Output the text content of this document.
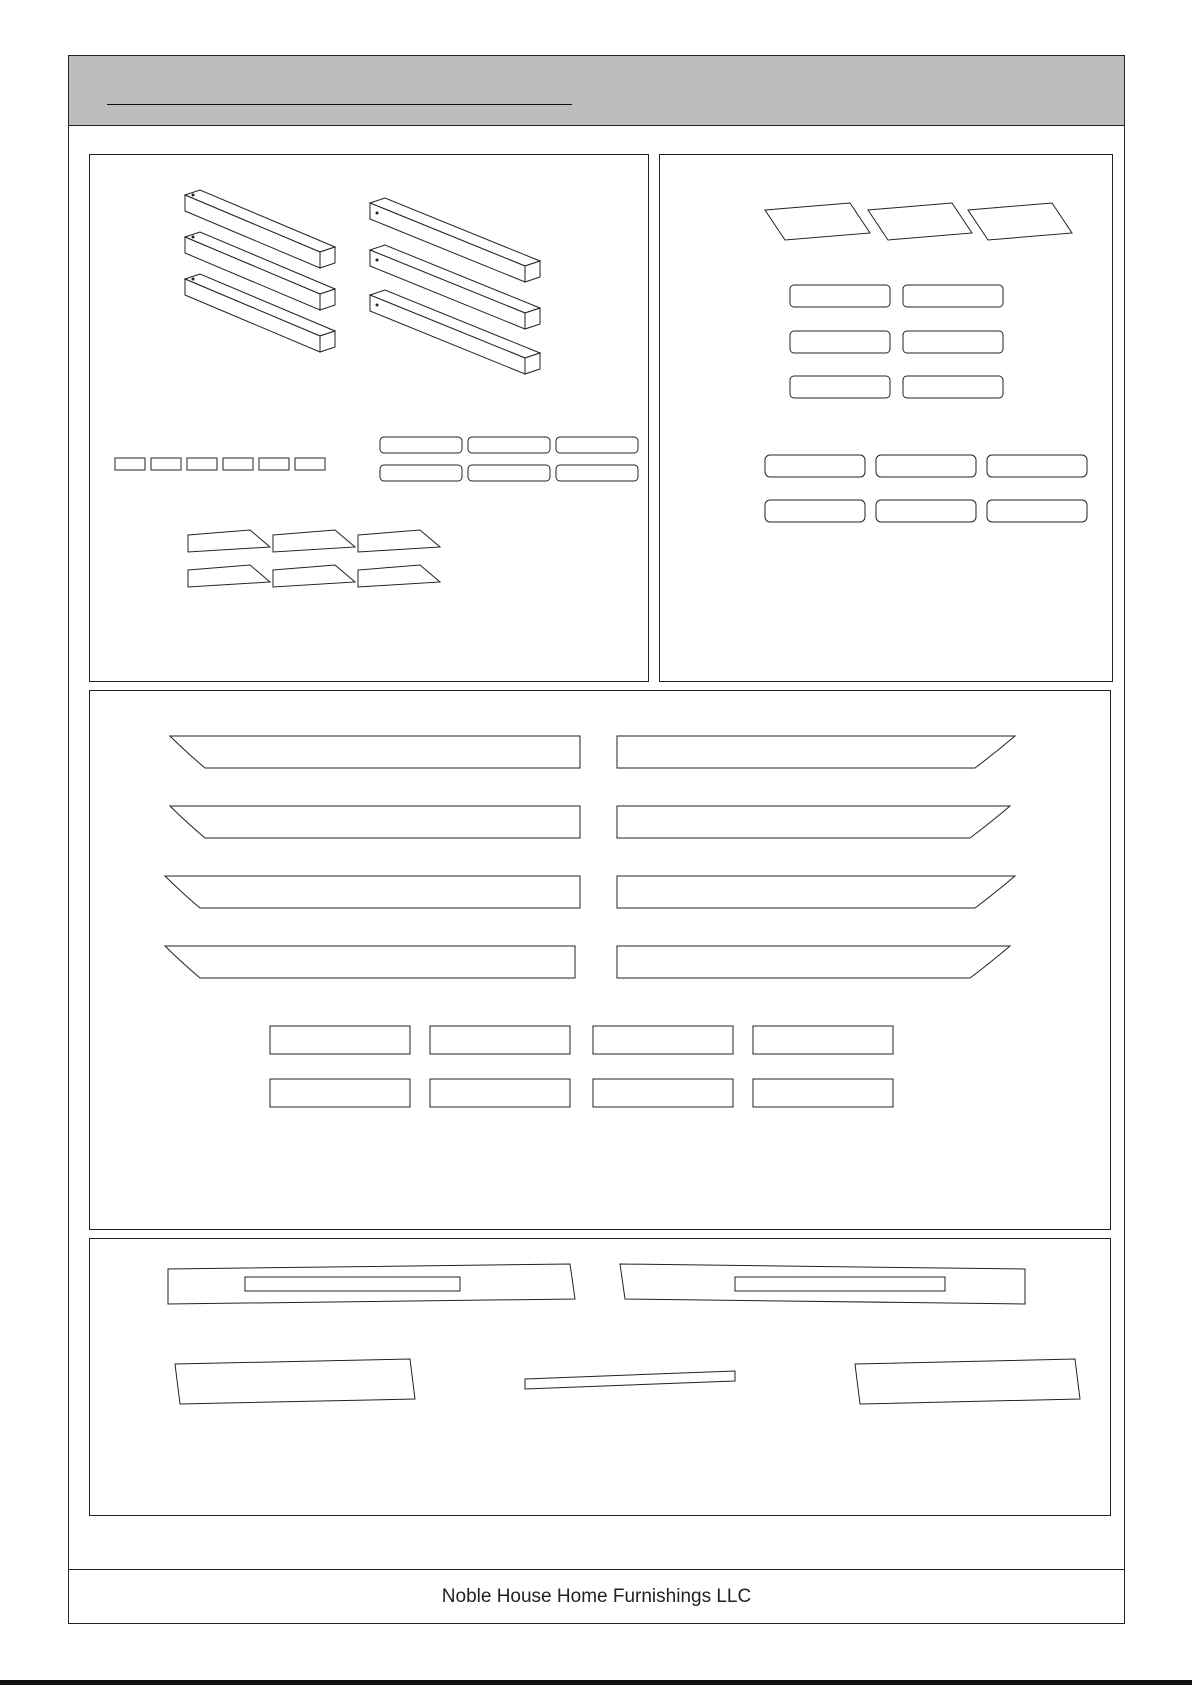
Noble House Home Furnishings LLC
